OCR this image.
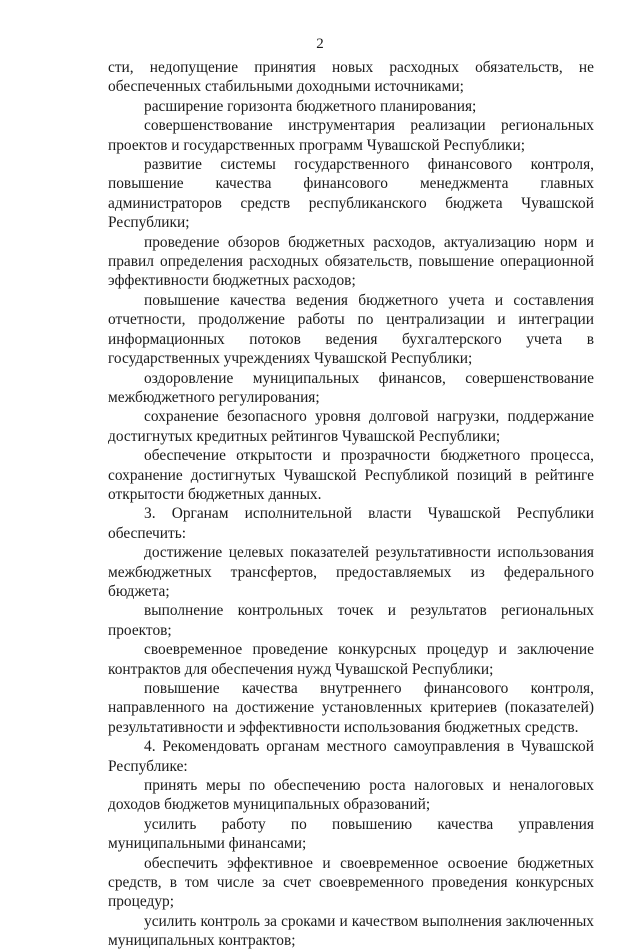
2

сти, недопущение принятия новых расходных обязательств, не обеспеченных стабильными доходными источниками;

расширение горизонта бюджетного планирования;

совершенствование инструментария реализации региональных проектов и государственных программ Чувашской Республики;

развитие системы государственного финансового контроля, повышение качества финансового менеджмента главных администраторов средств республиканского бюджета Чувашской Республики;

проведение обзоров бюджетных расходов, актуализацию норм и правил определения расходных обязательств, повышение операционной эффективности бюджетных расходов;

повышение качества ведения бюджетного учета и составления отчетности, продолжение работы по централизации и интеграции информационных потоков ведения бухгалтерского учета в государственных учреждениях Чувашской Республики;

оздоровление муниципальных финансов, совершенствование межбюджетного регулирования;

сохранение безопасного уровня долговой нагрузки, поддержание достигнутых кредитных рейтингов Чувашской Республики;

обеспечение открытости и прозрачности бюджетного процесса, сохранение достигнутых Чувашской Республикой позиций в рейтинге открытости бюджетных данных.

3. Органам исполнительной власти Чувашской Республики обеспечить:

достижение целевых показателей результативности использования межбюджетных трансфертов, предоставляемых из федерального бюджета;

выполнение контрольных точек и результатов региональных проектов;

своевременное проведение конкурсных процедур и заключение контрактов для обеспечения нужд Чувашской Республики;

повышение качества внутреннего финансового контроля, направленного на достижение установленных критериев (показателей) результативности и эффективности использования бюджетных средств.

4. Рекомендовать органам местного самоуправления в Чувашской Республике:

принять меры по обеспечению роста налоговых и неналоговых доходов бюджетов муниципальных образований;

усилить работу по повышению качества управления муниципальными финансами;

обеспечить эффективное и своевременное освоение бюджетных средств, в том числе за счет своевременного проведения конкурсных процедур;

усилить контроль за сроками и качеством выполнения заключенных муниципальных контрактов;
